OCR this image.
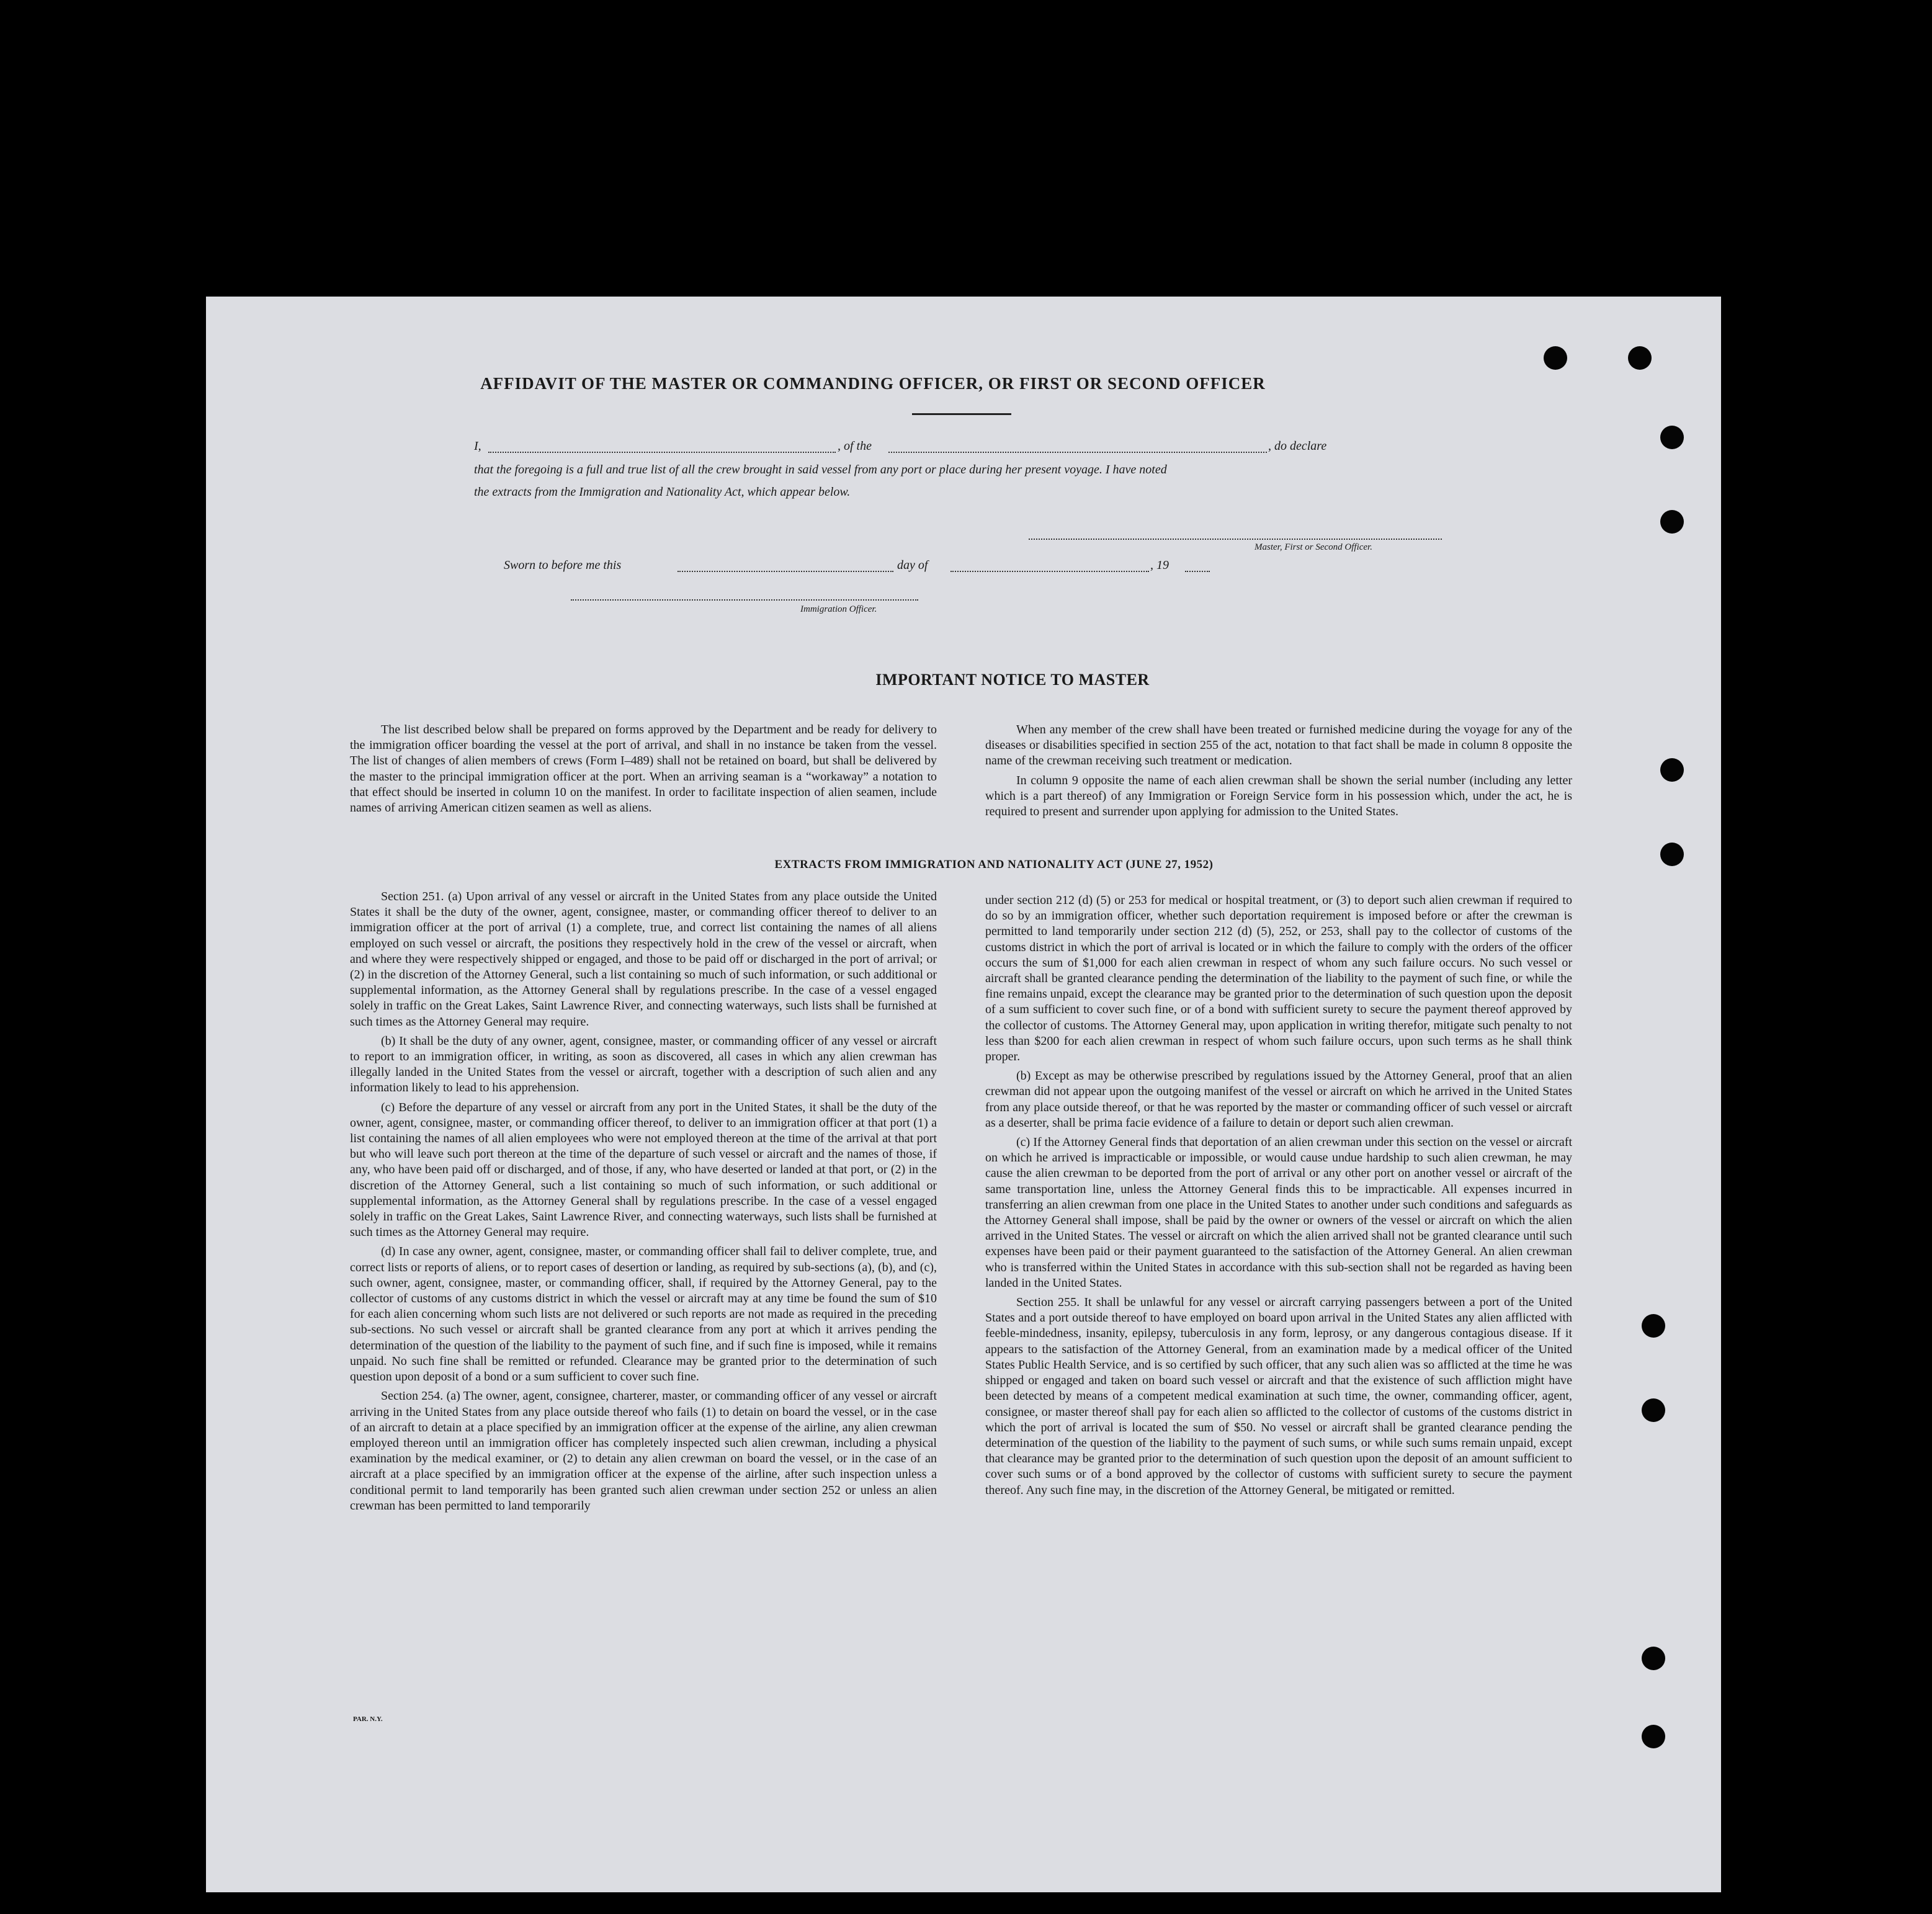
AFFIDAVIT OF THE MASTER OR COMMANDING OFFICER, OR FIRST OR SECOND OFFICER
I,	, of the	, do declare
that the foregoing is a full and true list of all the crew brought in said vessel from any port or place during her present voyage. I have noted
the extracts from the Immigration and Nationality Act, which appear below.
Master, First or Second Officer.
Sworn to before me this	day of	, 19
Immigration Officer.
IMPORTANT NOTICE TO MASTER

The list described below shall be prepared on forms approved by the Department and be ready for delivery to the immigration officer boarding the vessel at the port of arrival, and shall in no instance be taken from the vessel. The list of changes of alien members of crews (Form I–489) shall not be retained on board, but shall be delivered by the master to the principal immigration officer at the port. When an arriving seaman is a “workaway” a notation to that effect should be inserted in column 10 on the manifest. In order to facilitate inspection of alien seamen, include names of arriving American citizen seamen as well as aliens.

When any member of the crew shall have been treated or furnished medicine during the voyage for any of the diseases or disabilities specified in section 255 of the act, notation to that fact shall be made in column 8 opposite the name of the crewman receiving such treatment or medication.

In column 9 opposite the name of each alien crewman shall be shown the serial number (including any letter which is a part thereof) of any Immigration or Foreign Service form in his possession which, under the act, he is required to present and surrender upon applying for admission to the United States.

EXTRACTS FROM IMMIGRATION AND NATIONALITY ACT (JUNE 27, 1952)

Section 251. (a) Upon arrival of any vessel or aircraft in the United States from any place outside the United States it shall be the duty of the owner, agent, consignee, master, or commanding officer thereof to deliver to an immigration officer at the port of arrival (1) a complete, true, and correct list containing the names of all aliens employed on such vessel or aircraft, the positions they respectively hold in the crew of the vessel or aircraft, when and where they were respectively shipped or engaged, and those to be paid off or discharged in the port of arrival; or (2) in the discretion of the Attorney General, such a list containing so much of such information, or such additional or supplemental information, as the Attorney General shall by regulations prescribe. In the case of a vessel engaged solely in traffic on the Great Lakes, Saint Lawrence River, and connecting waterways, such lists shall be furnished at such times as the Attorney General may require.

(b) It shall be the duty of any owner, agent, consignee, master, or commanding officer of any vessel or aircraft to report to an immigration officer, in writing, as soon as discovered, all cases in which any alien crewman has illegally landed in the United States from the vessel or aircraft, together with a description of such alien and any information likely to lead to his apprehension.

(c) Before the departure of any vessel or aircraft from any port in the United States, it shall be the duty of the owner, agent, consignee, master, or commanding officer thereof, to deliver to an immigration officer at that port (1) a list containing the names of all alien employees who were not employed thereon at the time of the arrival at that port but who will leave such port thereon at the time of the departure of such vessel or aircraft and the names of those, if any, who have been paid off or discharged, and of those, if any, who have deserted or landed at that port, or (2) in the discretion of the Attorney General, such a list containing so much of such information, or such additional or supplemental information, as the Attorney General shall by regulations prescribe. In the case of a vessel engaged solely in traffic on the Great Lakes, Saint Lawrence River, and connecting waterways, such lists shall be furnished at such times as the Attorney General may require.

(d) In case any owner, agent, consignee, master, or commanding officer shall fail to deliver complete, true, and correct lists or reports of aliens, or to report cases of desertion or landing, as required by sub-sections (a), (b), and (c), such owner, agent, consignee, master, or commanding officer, shall, if required by the Attorney General, pay to the collector of customs of any customs district in which the vessel or aircraft may at any time be found the sum of $10 for each alien concerning whom such lists are not delivered or such reports are not made as required in the preceding sub-sections. No such vessel or aircraft shall be granted clearance from any port at which it arrives pending the determination of the question of the liability to the payment of such fine, and if such fine is imposed, while it remains unpaid. No such fine shall be remitted or refunded. Clearance may be granted prior to the determination of such question upon deposit of a bond or a sum sufficient to cover such fine.

Section 254. (a) The owner, agent, consignee, charterer, master, or commanding officer of any vessel or aircraft arriving in the United States from any place outside thereof who fails (1) to detain on board the vessel, or in the case of an aircraft to detain at a place specified by an immigration officer at the expense of the airline, any alien crewman employed thereon until an immigration officer has completely inspected such alien crewman, including a physical examination by the medical examiner, or (2) to detain any alien crewman on board the vessel, or in the case of an aircraft at a place specified by an immigration officer at the expense of the airline, after such inspection unless a conditional permit to land temporarily has been granted such alien crewman under section 252 or unless an alien crewman has been permitted to land temporarily

under section 212 (d) (5) or 253 for medical or hospital treatment, or (3) to deport such alien crewman if required to do so by an immigration officer, whether such deportation requirement is imposed before or after the crewman is permitted to land temporarily under section 212 (d) (5), 252, or 253, shall pay to the collector of customs of the customs district in which the port of arrival is located or in which the failure to comply with the orders of the officer occurs the sum of $1,000 for each alien crewman in respect of whom any such failure occurs. No such vessel or aircraft shall be granted clearance pending the determination of the liability to the payment of such fine, or while the fine remains unpaid, except the clearance may be granted prior to the determination of such question upon the deposit of a sum sufficient to cover such fine, or of a bond with sufficient surety to secure the payment thereof approved by the collector of customs. The Attorney General may, upon application in writing therefor, mitigate such penalty to not less than $200 for each alien crewman in respect of whom such failure occurs, upon such terms as he shall think proper.

(b) Except as may be otherwise prescribed by regulations issued by the Attorney General, proof that an alien crewman did not appear upon the outgoing manifest of the vessel or aircraft on which he arrived in the United States from any place outside thereof, or that he was reported by the master or commanding officer of such vessel or aircraft as a deserter, shall be prima facie evidence of a failure to detain or deport such alien crewman.

(c) If the Attorney General finds that deportation of an alien crewman under this section on the vessel or aircraft on which he arrived is impracticable or impossible, or would cause undue hardship to such alien crewman, he may cause the alien crewman to be deported from the port of arrival or any other port on another vessel or aircraft of the same transportation line, unless the Attorney General finds this to be impracticable. All expenses incurred in transferring an alien crewman from one place in the United States to another under such conditions and safeguards as the Attorney General shall impose, shall be paid by the owner or owners of the vessel or aircraft on which the alien arrived in the United States. The vessel or aircraft on which the alien arrived shall not be granted clearance until such expenses have been paid or their payment guaranteed to the satisfaction of the Attorney General. An alien crewman who is transferred within the United States in accordance with this sub-section shall not be regarded as having been landed in the United States.

Section 255. It shall be unlawful for any vessel or aircraft carrying passengers between a port of the United States and a port outside thereof to have employed on board upon arrival in the United States any alien afflicted with feeble-mindedness, insanity, epilepsy, tuberculosis in any form, leprosy, or any dangerous contagious disease. If it appears to the satisfaction of the Attorney General, from an examination made by a medical officer of the United States Public Health Service, and is so certified by such officer, that any such alien was so afflicted at the time he was shipped or engaged and taken on board such vessel or aircraft and that the existence of such affliction might have been detected by means of a competent medical examination at such time, the owner, commanding officer, agent, consignee, or master thereof shall pay for each alien so afflicted to the collector of customs of the customs district in which the port of arrival is located the sum of $50. No vessel or aircraft shall be granted clearance pending the determination of the question of the liability to the payment of such sums, or while such sums remain unpaid, except that clearance may be granted prior to the determination of such question upon the deposit of an amount sufficient to cover such sums or of a bond approved by the collector of customs with sufficient surety to secure the payment thereof. Any such fine may, in the discretion of the Attorney General, be mitigated or remitted.

PAR. N.Y.
